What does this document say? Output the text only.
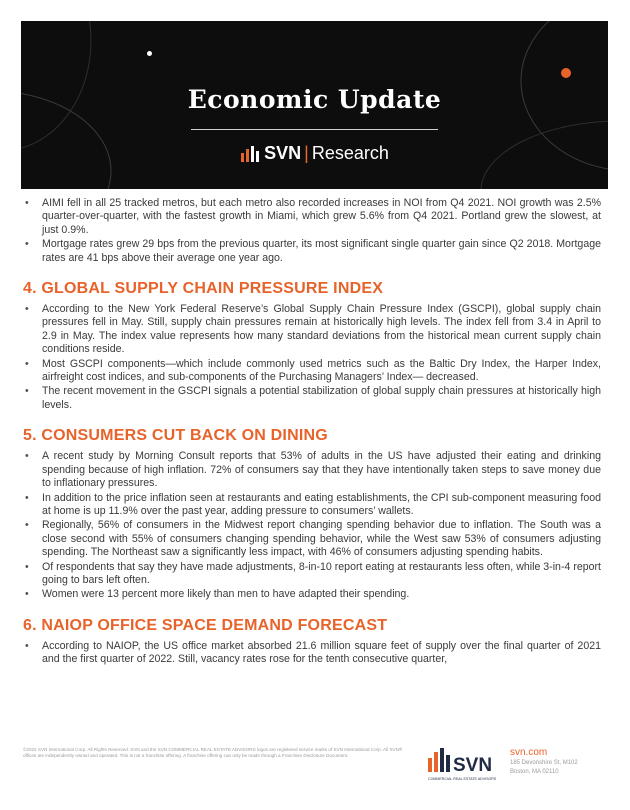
Economic Update
SVN | Research
• AIMI fell in all 25 tracked metros, but each metro also recorded increases in NOI from Q4 2021. NOI growth was 2.5% quarter-over-quarter, with the fastest growth in Miami, which grew 5.6% from Q4 2021. Portland grew the slowest, at just 0.9%.
• Mortgage rates grew 29 bps from the previous quarter, its most significant single quarter gain since Q2 2018. Mortgage rates are 41 bps above their average one year ago.
4. GLOBAL SUPPLY CHAIN PRESSURE INDEX
• According to the New York Federal Reserve’s Global Supply Chain Pressure Index (GSCPI), global supply chain pressures fell in May. Still, supply chain pressures remain at historically high levels. The index fell from 3.4 in April to 2.9 in May. The index value represents how many standard deviations from the historical mean current supply chain conditions reside.
• Most GSCPI components—which include commonly used metrics such as the Baltic Dry Index, the Harper Index, airfreight cost indices, and sub-components of the Purchasing Managers’ Index— decreased.
• The recent movement in the GSCPI signals a potential stabilization of global supply chain pressures at historically high levels.
5. CONSUMERS CUT BACK ON DINING
• A recent study by Morning Consult reports that 53% of adults in the US have adjusted their eating and drinking spending because of high inflation. 72% of consumers say that they have intentionally taken steps to save money due to inflationary pressures.
• In addition to the price inflation seen at restaurants and eating establishments, the CPI sub-component measuring food at home is up 11.9% over the past year, adding pressure to consumers’ wallets.
• Regionally, 56% of consumers in the Midwest report changing spending behavior due to inflation. The South was a close second with 55% of consumers changing spending behavior, while the West saw 53% of consumers adjusting spending. The Northeast saw a significantly less impact, with 46% of consumers adjusting spending habits.
• Of respondents that say they have made adjustments, 8-in-10 report eating at restaurants less often, while 3-in-4 report going to bars left often.
• Women were 13 percent more likely than men to have adapted their spending.
6. NAIOP OFFICE SPACE DEMAND FORECAST
• According to NAIOP, the US office market absorbed 21.6 million square feet of supply over the final quarter of 2021 and the first quarter of 2022. Still, vacancy rates rose for the tenth consecutive quarter,
©2022 SVN International Corp. All Rights Reserved. SVN and the SVN COMMERCIAL REAL ESTATE ADVISORS logos are registered service marks of SVN International Corp. All SVN® offices are independently owned and operated. This is not a franchise offering. A franchise offering can only be made through a Franchise Disclosure Document.	SVN
COMMERCIAL REAL ESTATE ADVISORS
svn.com
185 Devonshire St, M102
Boston, MA 02110
